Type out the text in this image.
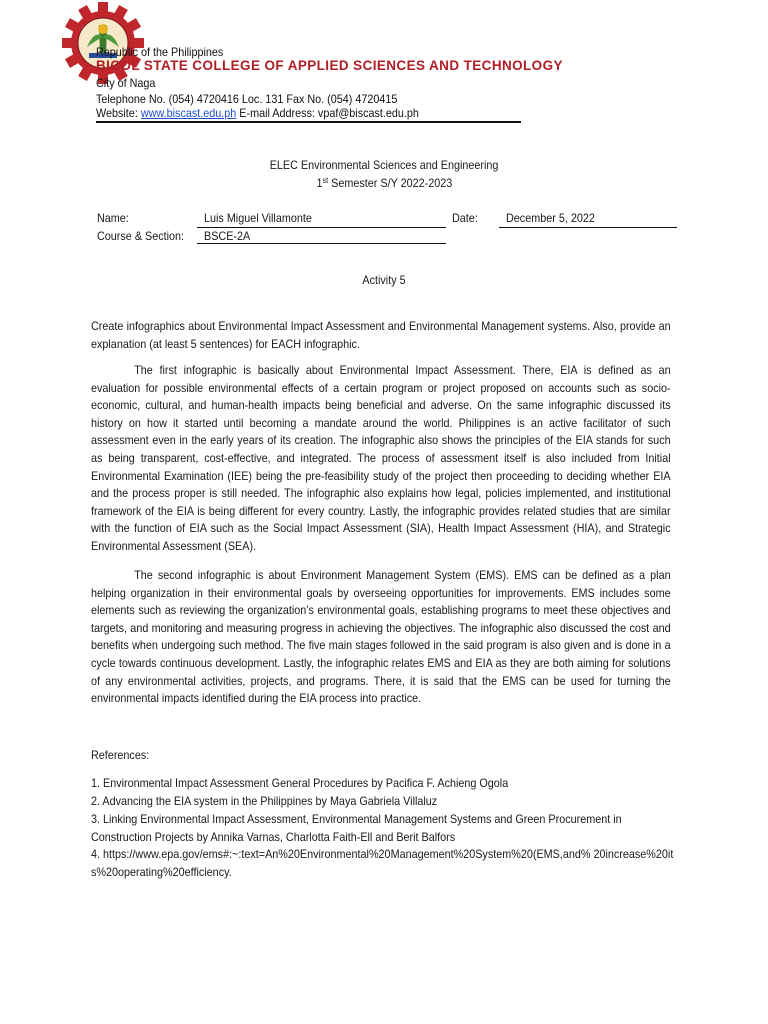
Republic of the Philippines
BICOL STATE COLLEGE OF APPLIED SCIENCES AND TECHNOLOGY
City of Naga
Telephone No. (054) 4720416 Loc. 131 Fax No. (054) 4720415
Website: www.biscast.edu.ph E-mail Address: vpaf@biscast.edu.ph
ELEC Environmental Sciences and Engineering
1st Semester S/Y 2022-2023
Name:	Luis Miguel Villamonte	Date: December 5, 2022
Course & Section: BSCE-2A
Activity 5
Create infographics about Environmental Impact Assessment and Environmental Management systems. Also, provide an explanation (at least 5 sentences) for EACH infographic.
The first infographic is basically about Environmental Impact Assessment. There, EIA is defined as an evaluation for possible environmental effects of a certain program or project proposed on accounts such as socio-economic, cultural, and human-health impacts being beneficial and adverse. On the same infographic discussed its history on how it started until becoming a mandate around the world. Philippines is an active facilitator of such assessment even in the early years of its creation. The infographic also shows the principles of the EIA stands for such as being transparent, cost-effective, and integrated. The process of assessment itself is also included from Initial Environmental Examination (IEE) being the pre-feasibility study of the project then proceeding to deciding whether EIA and the process proper is still needed. The infographic also explains how legal, policies implemented, and institutional framework of the EIA is being different for every country. Lastly, the infographic provides related studies that are similar with the function of EIA such as the Social Impact Assessment (SIA), Health Impact Assessment (HIA), and Strategic Environmental Assessment (SEA).
The second infographic is about Environment Management System (EMS). EMS can be defined as a plan helping organization in their environmental goals by overseeing opportunities for improvements. EMS includes some elements such as reviewing the organization’s environmental goals, establishing programs to meet these objectives and targets, and monitoring and measuring progress in achieving the objectives. The infographic also discussed the cost and benefits when undergoing such method. The five main stages followed in the said program is also given and is done in a cycle towards continuous development. Lastly, the infographic relates EMS and EIA as they are both aiming for solutions of any environmental activities, projects, and programs. There, it is said that the EMS can be used for turning the environmental impacts identified during the EIA process into practice.
References:
1. Environmental Impact Assessment General Procedures by Pacifica F. Achieng Ogola
2. Advancing the EIA system in the Philippines by Maya Gabriela Villaluz
3. Linking Environmental Impact Assessment, Environmental Management Systems and Green Procurement in Construction Projects by Annika Varnas, Charlotta Faith-Ell and Berit Balfors
4. https://www.epa.gov/ems#:~:text=An%20Environmental%20Management%20System%20(EMS,and% 20increase%20its%20operating%20efficiency.
